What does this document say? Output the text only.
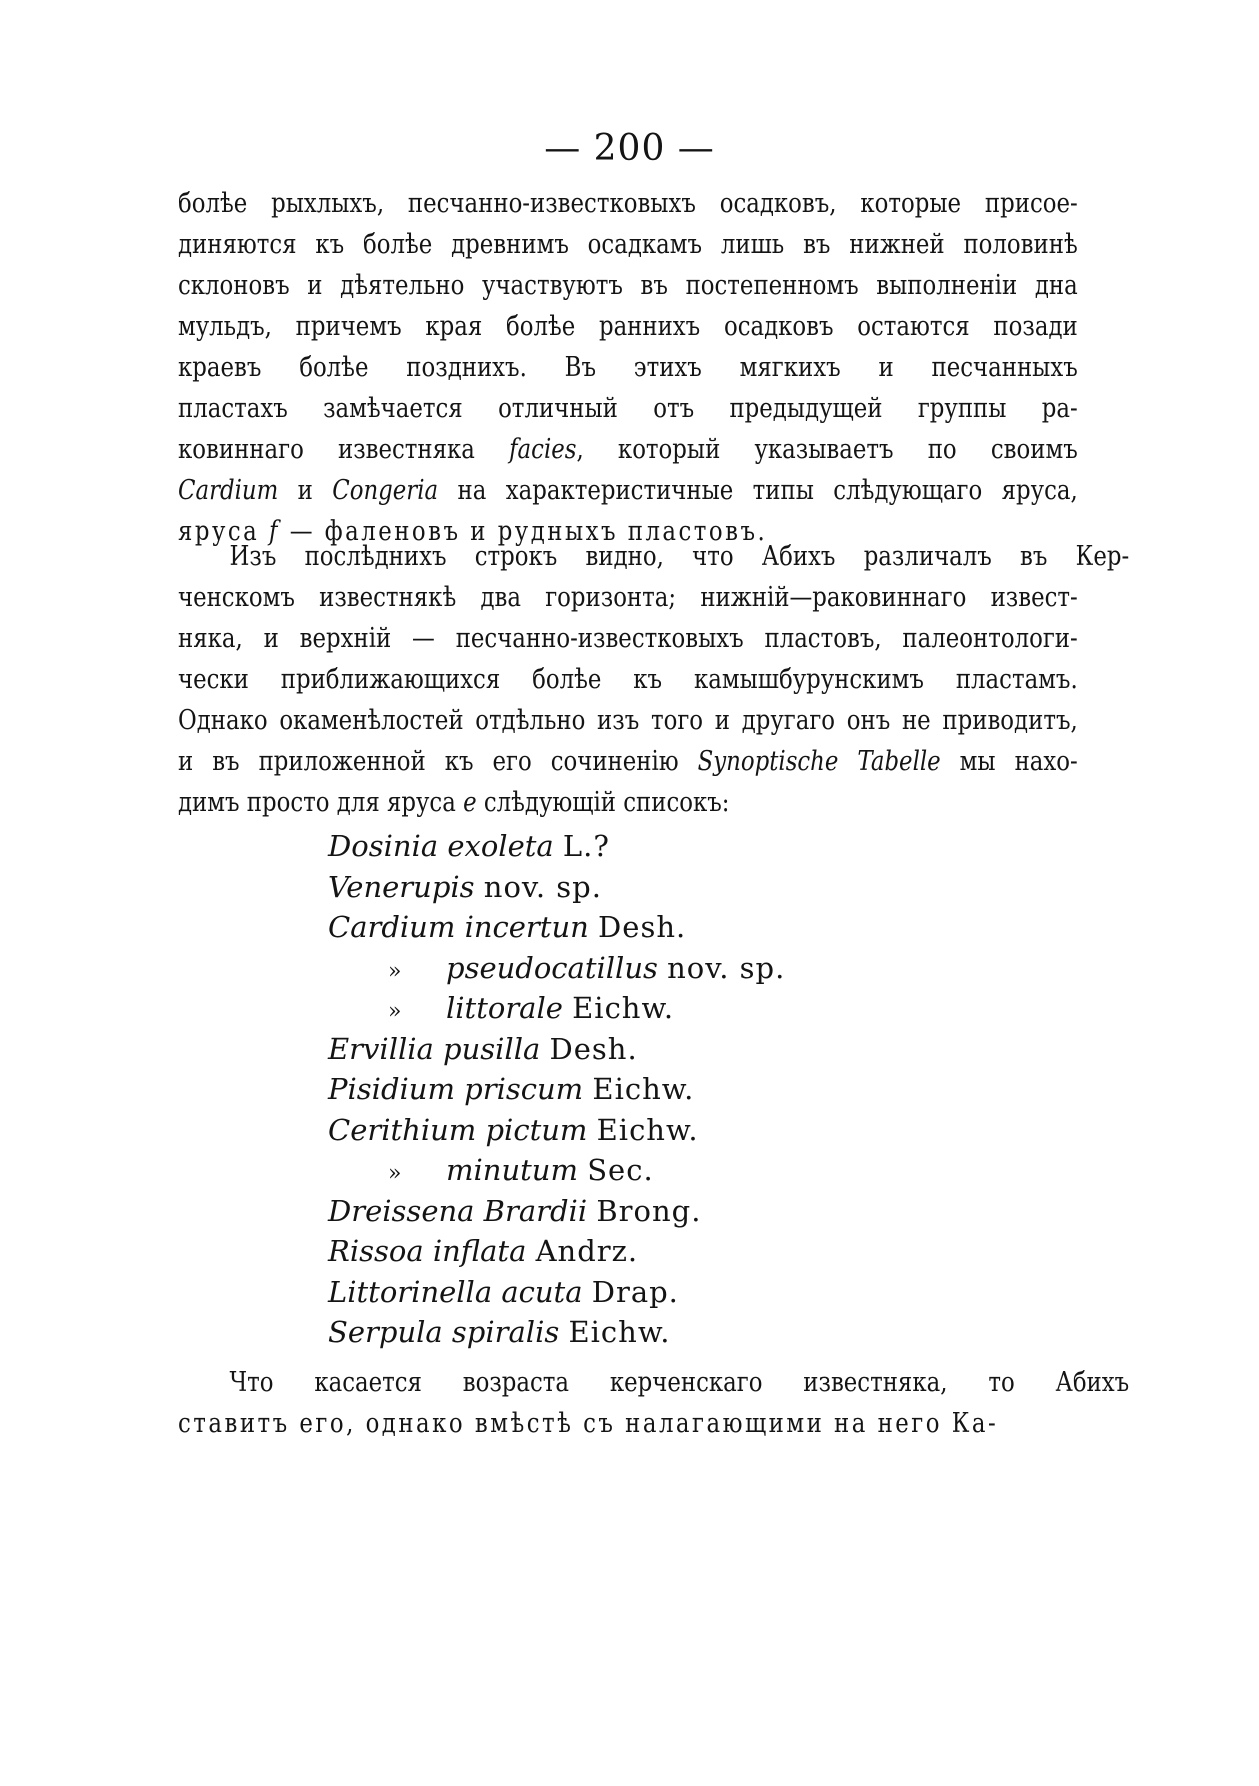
— 200 —
болѣе рыхлыхъ, песчанно-известковыхъ осадковъ, которые присое-
диняются къ болѣе древнимъ осадкамъ лишь въ нижней половинѣ
склоновъ и дѣятельно участвуютъ въ постепенномъ выполненіи дна
мульдъ, причемъ края болѣе раннихъ осадковъ остаются позади
краевъ болѣе позднихъ. Въ этихъ мягкихъ и песчанныхъ
пластахъ замѣчается отличный отъ предыдущей группы ра-
ковиннаго известняка facies, который указываетъ по своимъ
Cardium и Congeria на характеристичные типы слѣдующаго яруса,
яруса f — фаленовъ и рудныхъ пластовъ.
Изъ послѣднихъ строкъ видно, что Абихъ различалъ въ Кер-
ченскомъ известнякѣ два горизонта; нижній—раковиннаго извест-
няка, и верхній — песчанно-известковыхъ пластовъ, палеонтологи-
чески приближающихся болѣе къ камышбурунскимъ пластамъ.
Однако окаменѣлостей отдѣльно изъ того и другаго онъ не приводитъ,
и въ приложенной къ его сочиненію Synoptische Tabelle мы нахо-
димъ просто для яруса e слѣдующій списокъ:
Dosinia exoleta L.?
Venerupis nov. sp.
Cardium incertun Desh.
» pseudocatillus nov. sp.
» littorale Eichw.
Ervillia pusilla Desh.
Pisidium priscum Eichw.
Cerithium pictum Eichw.
» minutum Sec.
Dreissena Brardii Brong.
Rissoa inflata Andrz.
Littorinella acuta Drap.
Serpula spiralis Eichw.
Что касается возраста керченскаго известняка, то Абихъ
ставитъ его, однако вмѣстѣ съ налагающими на него Ка-
